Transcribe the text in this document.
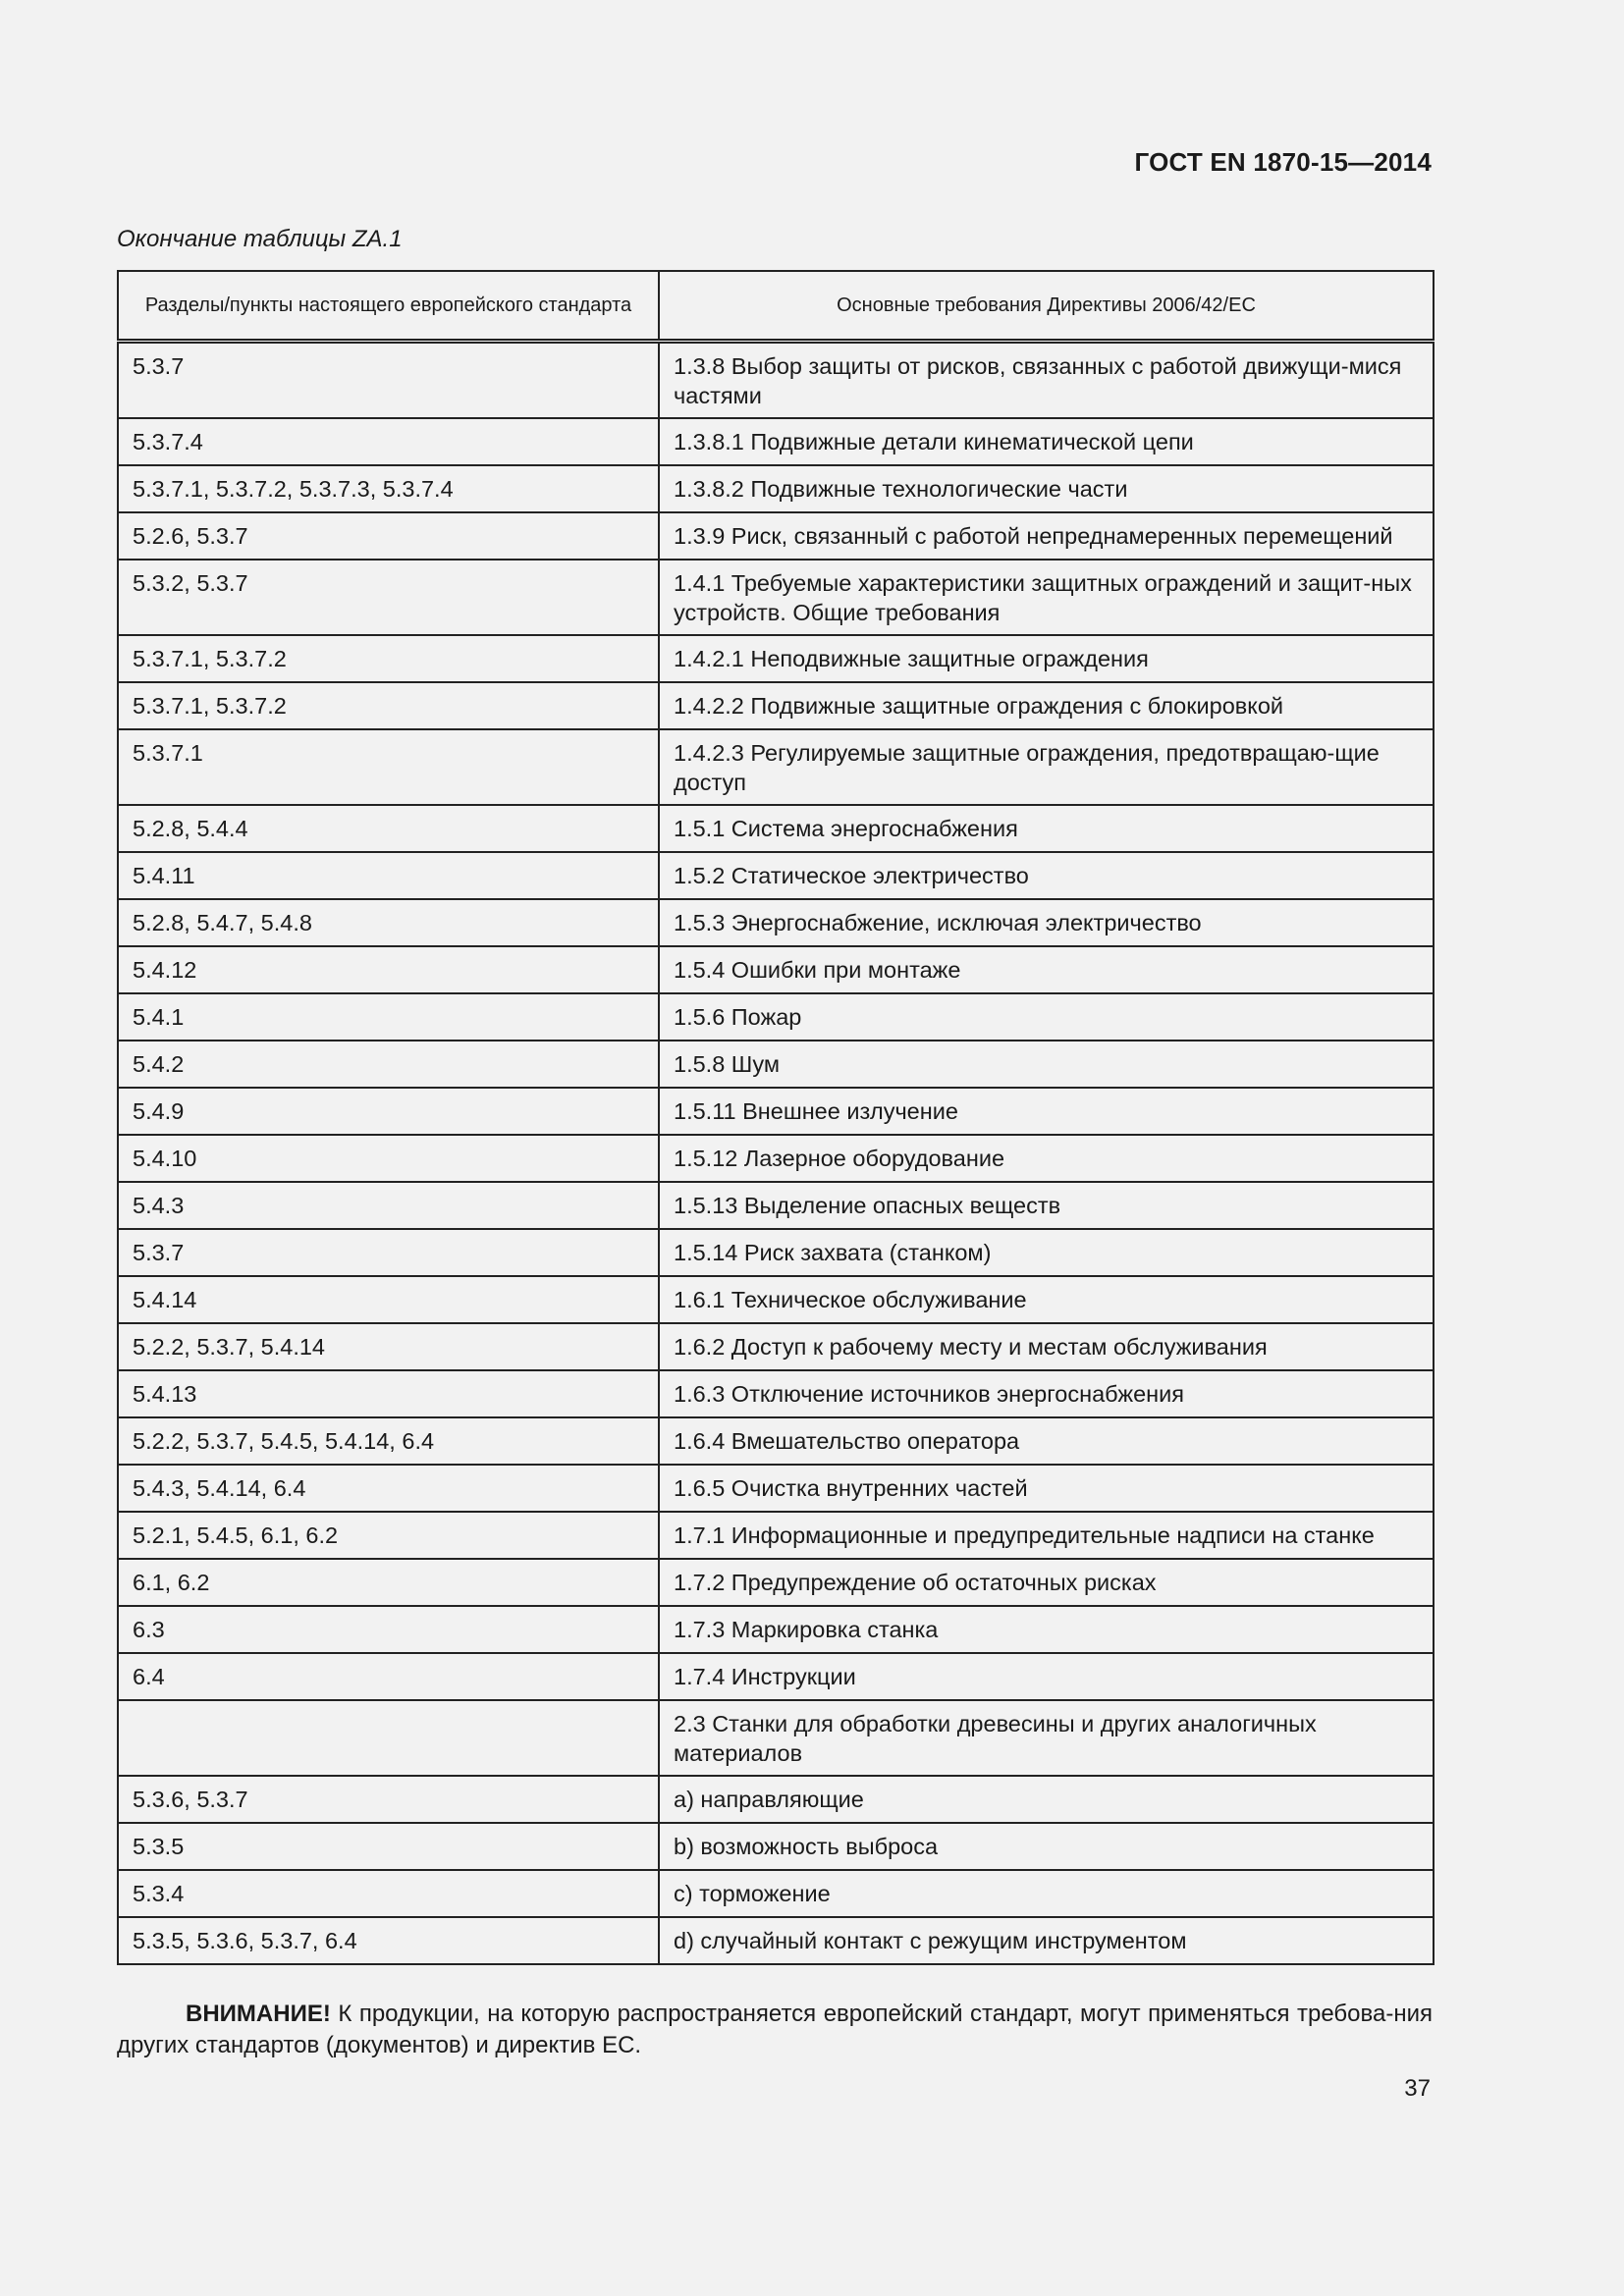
ГОСТ EN 1870-15—2014
Окончание таблицы ZA.1
Разделы/пункты настоящего европейского стандарта	Основные требования Директивы 2006/42/EC
5.3.7	1.3.8 Выбор защиты от рисков, связанных с работой движущи-мися частями
5.3.7.4	1.3.8.1 Подвижные детали кинематической цепи
5.3.7.1, 5.3.7.2, 5.3.7.3, 5.3.7.4	1.3.8.2 Подвижные технологические части
5.2.6, 5.3.7	1.3.9 Риск, связанный с работой непреднамеренных перемещений
5.3.2, 5.3.7	1.4.1 Требуемые характеристики защитных ограждений и защит-ных устройств. Общие требования
5.3.7.1, 5.3.7.2	1.4.2.1 Неподвижные защитные ограждения
5.3.7.1, 5.3.7.2	1.4.2.2 Подвижные защитные ограждения с блокировкой
5.3.7.1	1.4.2.3 Регулируемые защитные ограждения, предотвращаю-щие доступ
5.2.8, 5.4.4	1.5.1 Система энергоснабжения
5.4.11	1.5.2 Статическое электричество
5.2.8, 5.4.7, 5.4.8	1.5.3 Энергоснабжение, исключая электричество
5.4.12	1.5.4 Ошибки при монтаже
5.4.1	1.5.6 Пожар
5.4.2	1.5.8 Шум
5.4.9	1.5.11 Внешнее излучение
5.4.10	1.5.12 Лазерное оборудование
5.4.3	1.5.13 Выделение опасных веществ
5.3.7	1.5.14 Риск захвата (станком)
5.4.14	1.6.1 Техническое обслуживание
5.2.2, 5.3.7, 5.4.14	1.6.2 Доступ к рабочему месту и местам обслуживания
5.4.13	1.6.3 Отключение источников энергоснабжения
5.2.2, 5.3.7, 5.4.5, 5.4.14, 6.4	1.6.4 Вмешательство оператора
5.4.3, 5.4.14, 6.4	1.6.5 Очистка внутренних частей
5.2.1, 5.4.5, 6.1, 6.2	1.7.1 Информационные и предупредительные надписи на станке
6.1, 6.2	1.7.2 Предупреждение об остаточных рисках
6.3	1.7.3 Маркировка станка
6.4	1.7.4 Инструкции
	2.3 Станки для обработки древесины и других аналогичных материалов
5.3.6, 5.3.7	a) направляющие
5.3.5	b) возможность выброса
5.3.4	c) торможение
5.3.5, 5.3.6, 5.3.7, 6.4	d) случайный контакт с режущим инструментом
ВНИМАНИЕ! К продукции, на которую распространяется европейский стандарт, могут применяться требова-ния других стандартов (документов) и директив ЕС.
37
